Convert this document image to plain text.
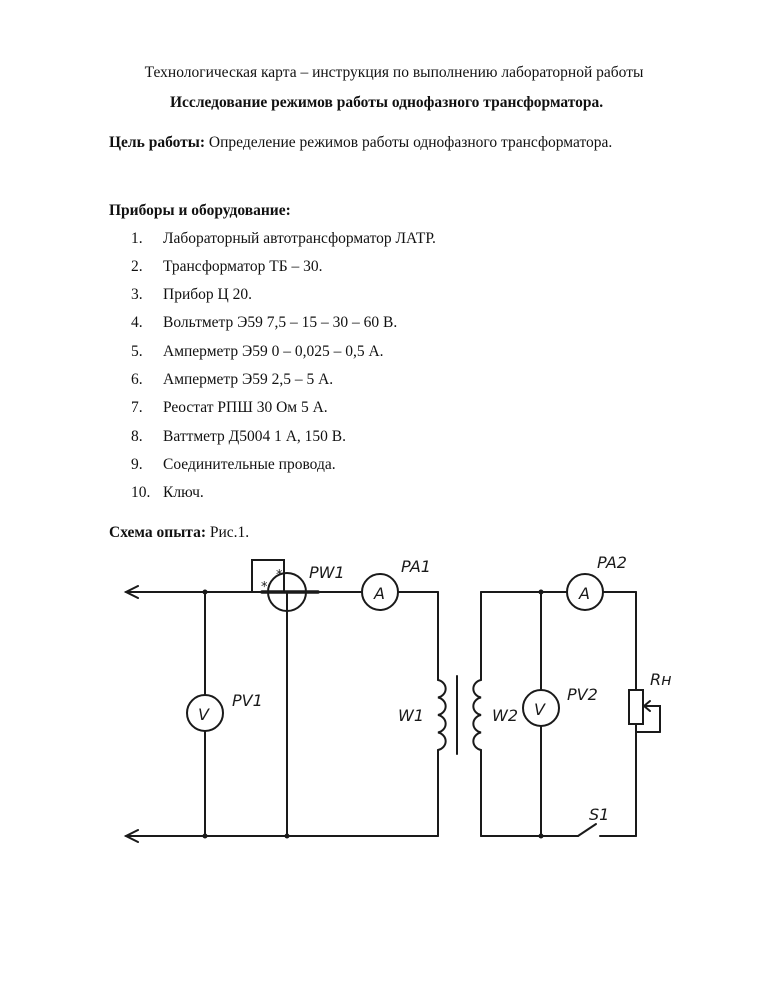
Технологическая карта – инструкция по выполнению лабораторной работы
Исследование режимов работы однофазного трансформатора.
Цель работы: Определение режимов работы однофазного трансформатора.
Приборы и оборудование:
1. Лабораторный автотрансформатор ЛАТР.
2. Трансформатор ТБ – 30.
3. Прибор Ц 20.
4. Вольтметр Э59 7,5 – 15 – 30 – 60 В.
5. Амперметр Э59 0 – 0,025 – 0,5 А.
6. Амперметр Э59 2,5 – 5 А.
7. Реостат РПШ 30 Ом 5 А.
8. Ваттметр Д5004 1 А, 150 В.
9. Соединительные провода.
10. Ключ.
Схема опыта: Рис.1.
V	V
A	A
*
*
PW1	PA1	PA2
PV1	PV2
Rн
W1	W2
S1
